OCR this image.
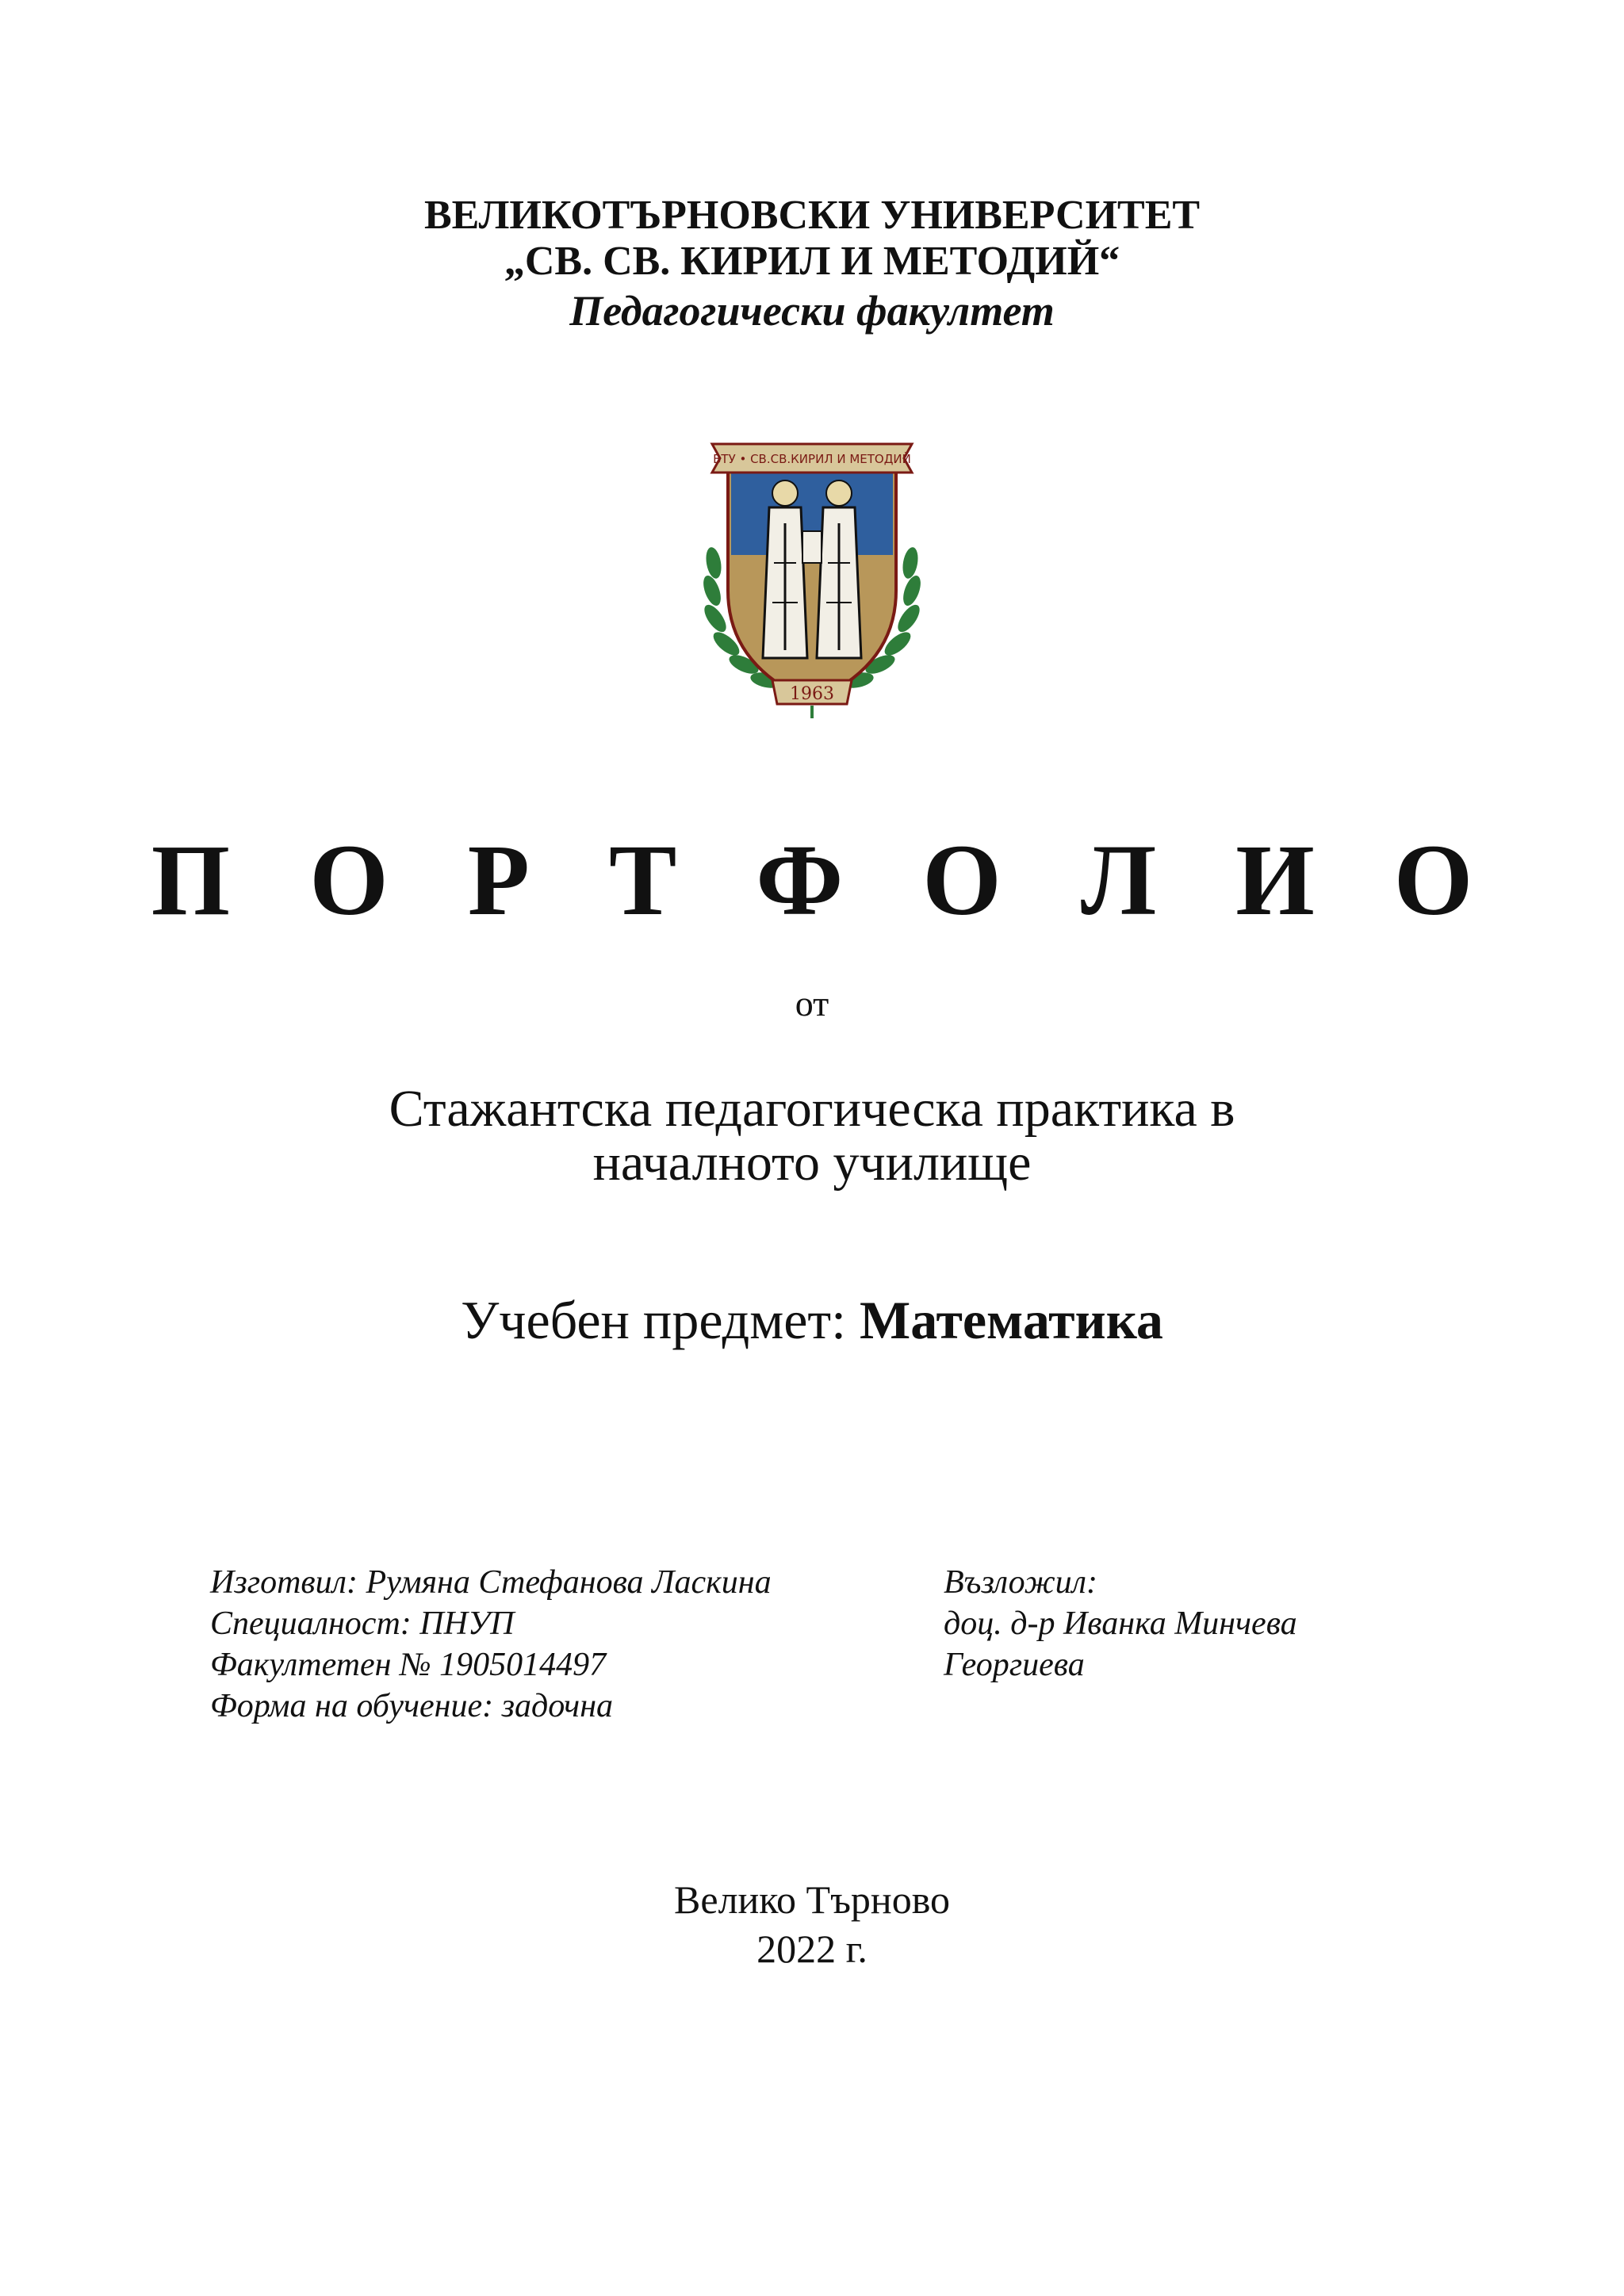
ВЕЛИКОТЪРНОВСКИ УНИВЕРСИТЕТ
„СВ. СВ. КИРИЛ И МЕТОДИЙ“
Педагогически факултет
ВТУ • СВ.СВ.КИРИЛ И МЕТОДИЙ
1963
П О Р Т Ф О Л И О
от
Стажантска педагогическа практика в
началното училище
Учебен предмет: Математика
Изготвил: Румяна Стефанова Ласкина
Специалност: ПНУП
Факултетен № 1905014497
Форма на обучение: задочна
Възложил:
доц. д-р Иванка Минчева
Георгиева
Велико Търново
2022 г.
